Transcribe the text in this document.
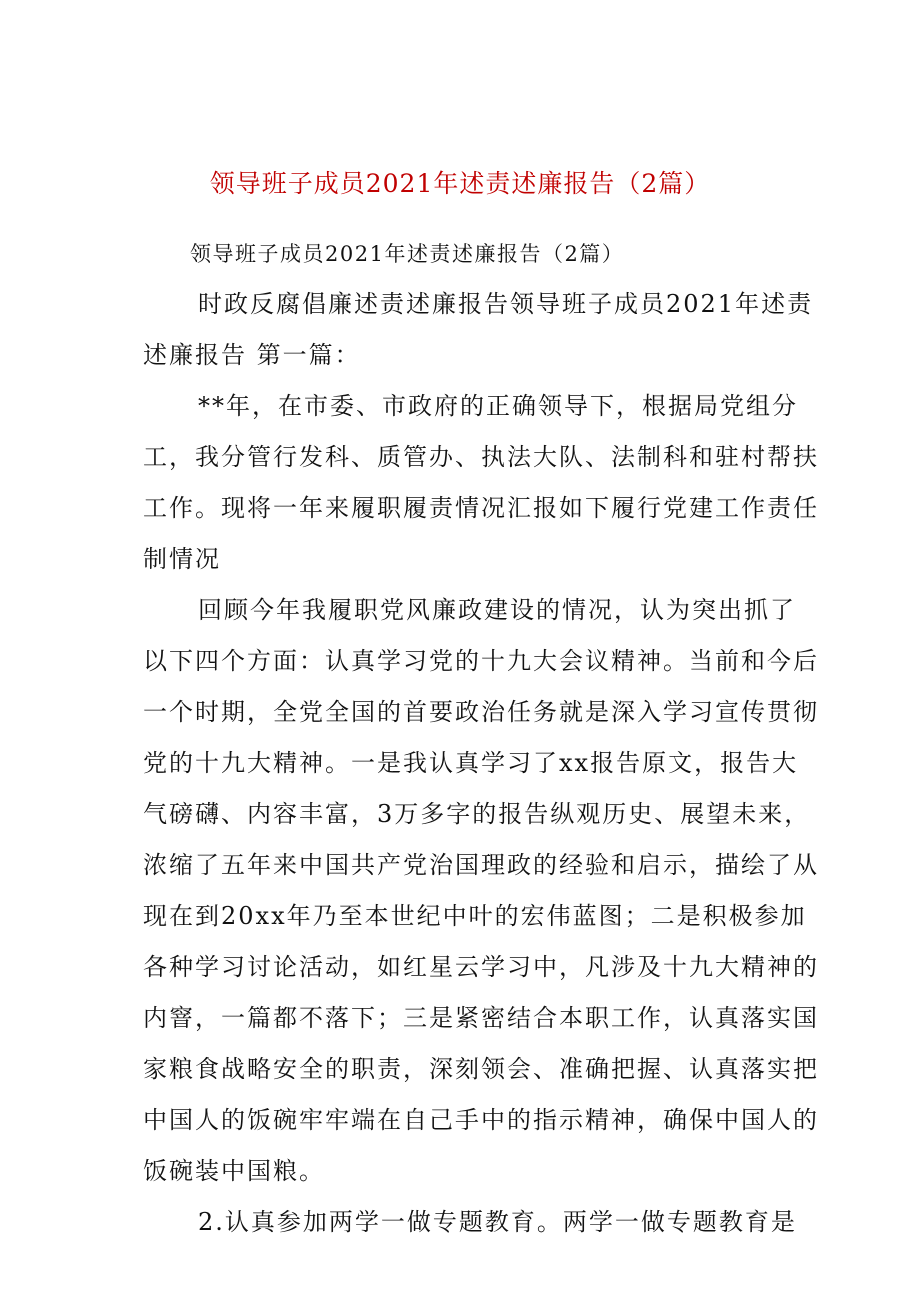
领导班子成员2021年述责述廉报告（2篇）
领导班子成员2021年述责述廉报告（2篇）
时政反腐倡廉述责述廉报告领导班子成员2021年述责
述廉报告 第一篇：
**年，在市委、市政府的正确领导下，根据局党组分
工，我分管行发科、质管办、执法大队、法制科和驻村帮扶
工作。现将一年来履职履责情况汇报如下履行党建工作责任
制情况
回顾今年我履职党风廉政建设的情况，认为突出抓了
以下四个方面：认真学习党的十九大会议精神。当前和今后
一个时期，全党全国的首要政治任务就是深入学习宣传贯彻
党的十九大精神。一是我认真学习了xx报告原文，报告大
气磅礴、内容丰富，3万多字的报告纵观历史、展望未来，
浓缩了五年来中国共产党治国理政的经验和启示，描绘了从
现在到20xx年乃至本世纪中叶的宏伟蓝图；二是积极参加
各种学习讨论活动，如红星云学习中，凡涉及十九大精神的
内窨，一篇都不落下；三是紧密结合本职工作，认真落实国
家粮食战略安全的职责，深刻领会、准确把握、认真落实把
中国人的饭碗牢牢端在自己手中的指示精神，确保中国人的
饭碗装中国粮。
2.认真参加两学一做专题教育。两学一做专题教育是
